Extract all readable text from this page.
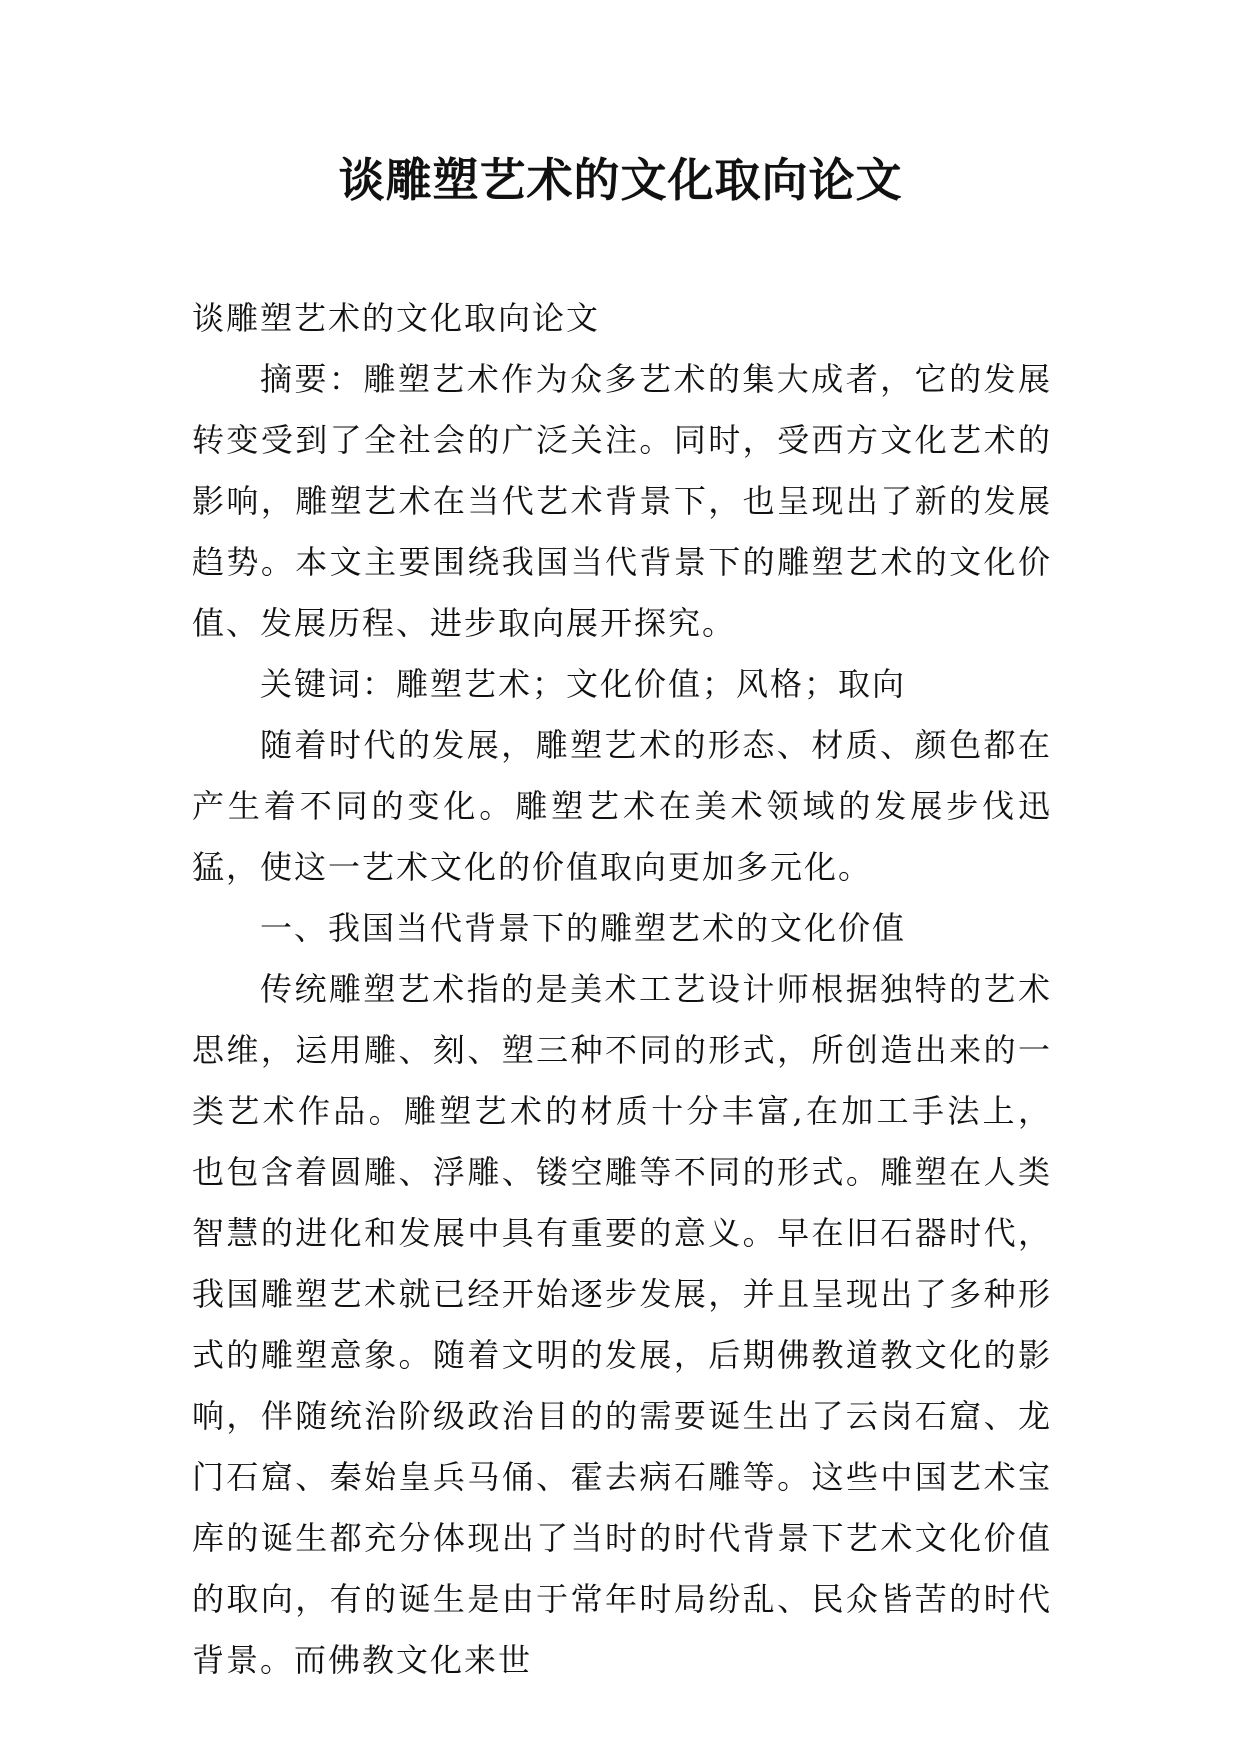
谈雕塑艺术的文化取向论文

谈雕塑艺术的文化取向论文

摘要：雕塑艺术作为众多艺术的集大成者，它的发展转变受到了全社会的广泛关注。同时，受西方文化艺术的影响，雕塑艺术在当代艺术背景下，也呈现出了新的发展趋势。本文主要围绕我国当代背景下的雕塑艺术的文化价值、发展历程、进步取向展开探究。

关键词：雕塑艺术；文化价值；风格；取向

随着时代的发展，雕塑艺术的形态、材质、颜色都在产生着不同的变化。雕塑艺术在美术领域的发展步伐迅猛，使这一艺术文化的价值取向更加多元化。

一、我国当代背景下的雕塑艺术的文化价值

传统雕塑艺术指的是美术工艺设计师根据独特的艺术思维，运用雕、刻、塑三种不同的形式，所创造出来的一类艺术作品。雕塑艺术的材质十分丰富,在加工手法上，也包含着圆雕、浮雕、镂空雕等不同的形式。雕塑在人类智慧的进化和发展中具有重要的意义。早在旧石器时代，我国雕塑艺术就已经开始逐步发展，并且呈现出了多种形式的雕塑意象。随着文明的发展，后期佛教道教文化的影响，伴随统治阶级政治目的的需要诞生出了云岗石窟、龙门石窟、秦始皇兵马俑、霍去病石雕等。这些中国艺术宝库的诞生都充分体现出了当时的时代背景下艺术文化价值的取向，有的诞生是由于常年时局纷乱、民众皆苦的时代背景。而佛教文化来世
